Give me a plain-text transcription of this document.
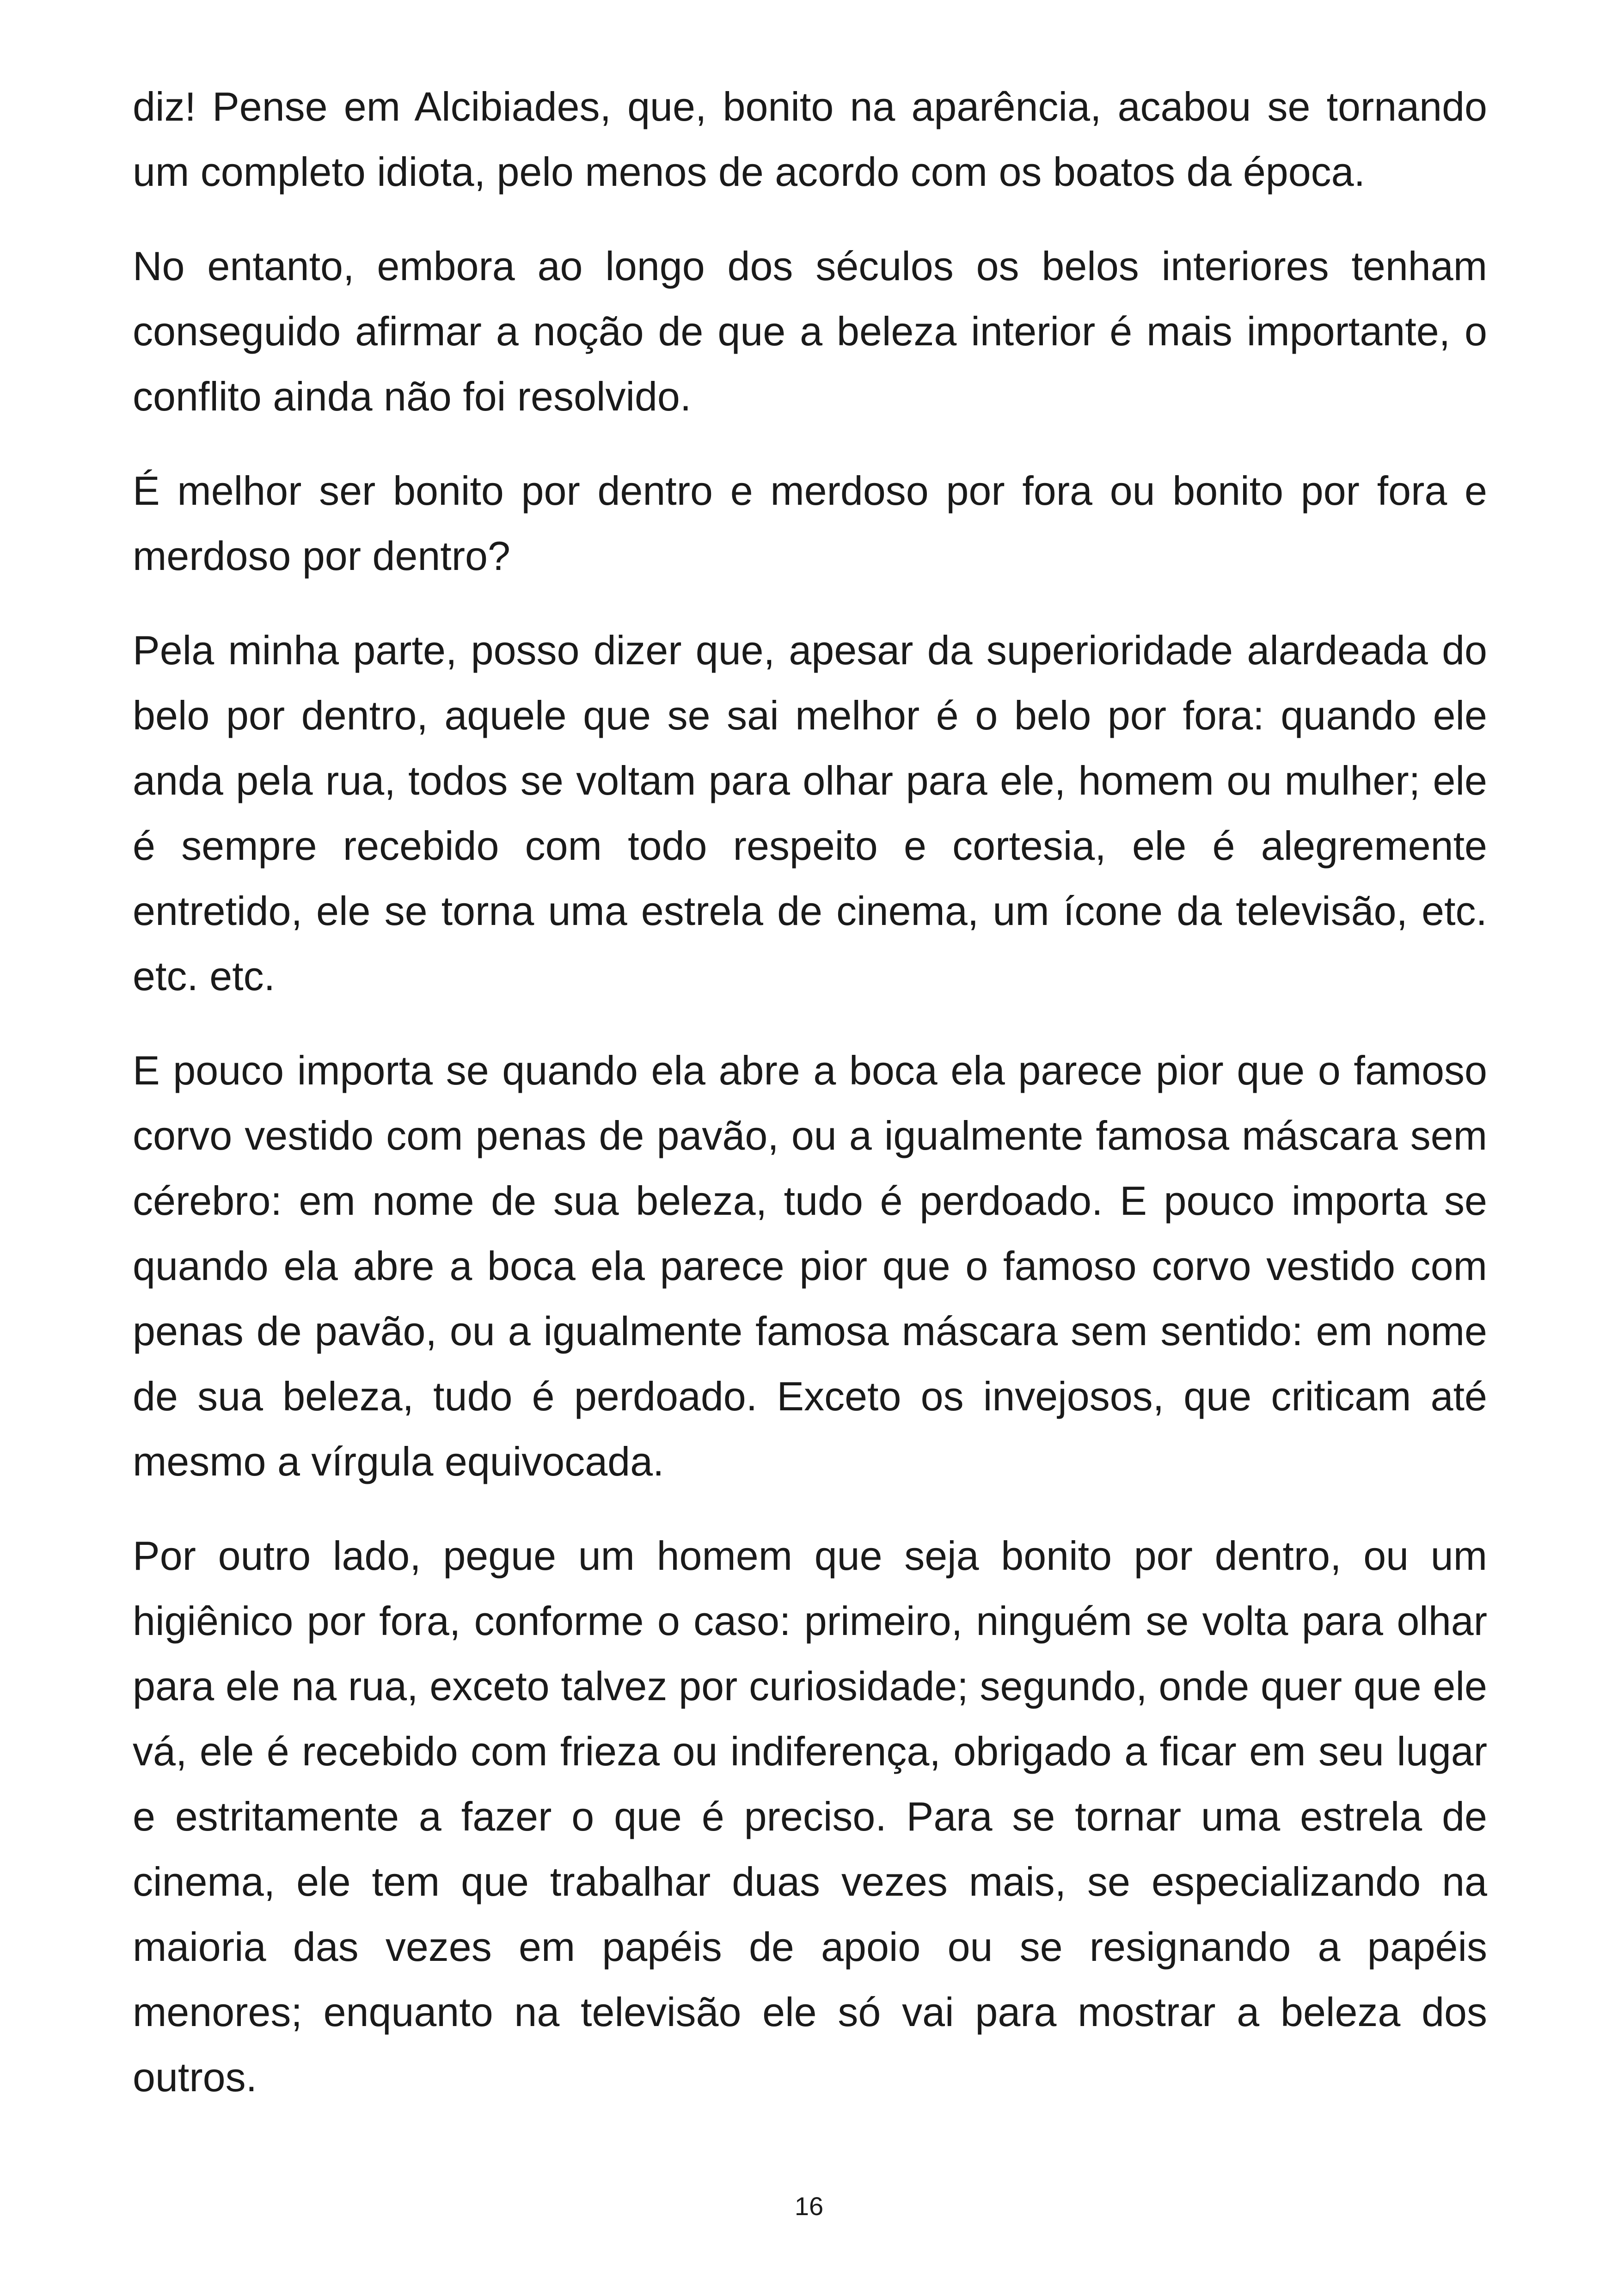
diz! Pense em Alcibiades, que, bonito na aparência, acabou se tornando um completo idiota, pelo menos de acordo com os boatos da época.

No entanto, embora ao longo dos séculos os belos interiores tenham conseguido afirmar a noção de que a beleza interior é mais importante, o conflito ainda não foi resolvido.

É melhor ser bonito por dentro e merdoso por fora ou bonito por fora e merdoso por dentro?

Pela minha parte, posso dizer que, apesar da superioridade alardeada do belo por dentro, aquele que se sai melhor é o belo por fora: quando ele anda pela rua, todos se voltam para olhar para ele, homem ou mulher; ele é sempre recebido com todo respeito e cortesia, ele é alegremente entretido, ele se torna uma estrela de cinema, um ícone da televisão, etc. etc. etc.

E pouco importa se quando ela abre a boca ela parece pior que o famoso corvo vestido com penas de pavão, ou a igualmente famosa máscara sem cérebro: em nome de sua beleza, tudo é perdoado. E pouco importa se quando ela abre a boca ela parece pior que o famoso corvo vestido com penas de pavão, ou a igualmente famosa máscara sem sentido: em nome de sua beleza, tudo é perdoado. Exceto os invejosos, que criticam até mesmo a vírgula equivocada.

Por outro lado, pegue um homem que seja bonito por dentro, ou um higiênico por fora, conforme o caso: primeiro, ninguém se volta para olhar para ele na rua, exceto talvez por curiosidade; segundo, onde quer que ele vá, ele é recebido com frieza ou indiferença, obrigado a ficar em seu lugar e estritamente a fazer o que é preciso. Para se tornar uma estrela de cinema, ele tem que trabalhar duas vezes mais, se especializando na maioria das vezes em papéis de apoio ou se resignando a papéis menores; enquanto na televisão ele só vai para mostrar a beleza dos outros.

16
